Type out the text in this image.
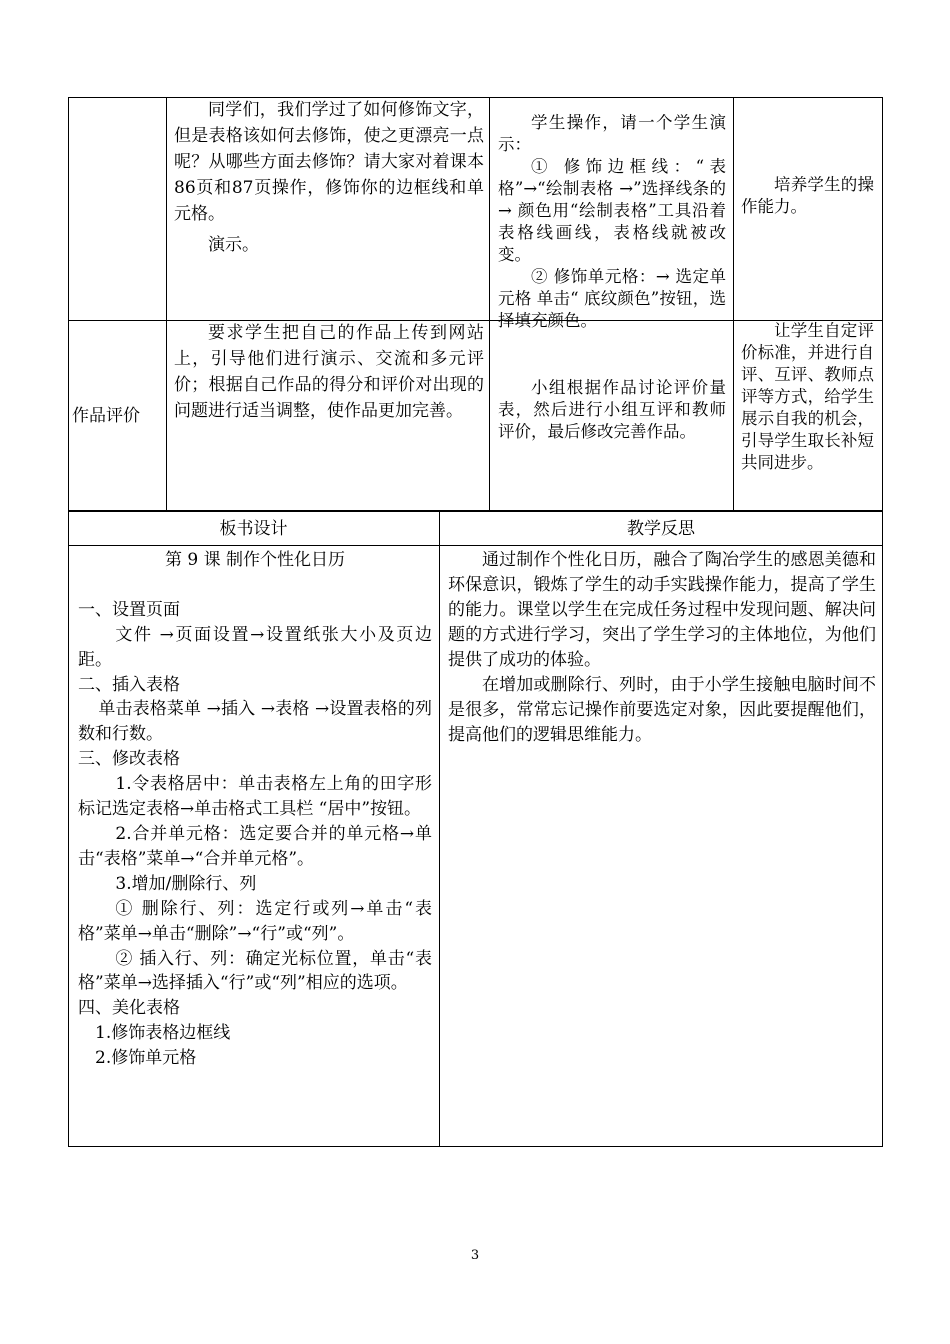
同学们，我们学过了如何修饰文字，但是表格该如何去修饰，使之更漂亮一点呢？从哪些方面去修饰？请大家对着课本86页和87页操作，修饰你的边框线和单元格。

演示。

学生操作，请一个学生演示：

① 修饰边框线：“表格”→“绘制表格 →”选择线条的→ 颜色用“绘制表格”工具沿着表格线画线，表格线就被改变。

② 修饰单元格：→ 选定单元格 单击“ 底纹颜色”按钮，选择填充颜色。

培养学生的操作能力。

作品评价

要求学生把自己的作品上传到网站上，引导他们进行演示、交流和多元评价；根据自己作品的得分和评价对出现的问题进行适当调整，使作品更加完善。

小组根据作品讨论评价量表，然后进行小组互评和教师评价，最后修改完善作品。

让学生自定评价标准，并进行自评、互评、教师点评等方式，给学生展示自我的机会，引导学生取长补短共同进步。

板书设计	教学反思

第 9 课 制作个性化日历

一、设置页面

文件 →页面设置→设置纸张大小及页边距。

二、插入表格

单击表格菜单 →插入 →表格 →设置表格的列数和行数。

三、修改表格

1.令表格居中：单击表格左上角的田字形标记选定表格→单击格式工具栏 “居中”按钮。

2.合并单元格：选定要合并的单元格→单击“表格”菜单→“合并单元格”。

3.增加/删除行、列

① 删除行、列：选定行或列→单击“表格”菜单→单击“删除”→“行”或“列”。

② 插入行、列：确定光标位置，单击“表格”菜单→选择插入“行”或“列”相应的选项。

四、美化表格

1.修饰表格边框线

2.修饰单元格

通过制作个性化日历，融合了陶冶学生的感恩美德和环保意识，锻炼了学生的动手实践操作能力，提高了学生的能力。课堂以学生在完成任务过程中发现问题、解决问题的方式进行学习，突出了学生学习的主体地位，为他们提供了成功的体验。

在增加或删除行、列时，由于小学生接触电脑时间不是很多，常常忘记操作前要选定对象，因此要提醒他们，提高他们的逻辑思维能力。

3
